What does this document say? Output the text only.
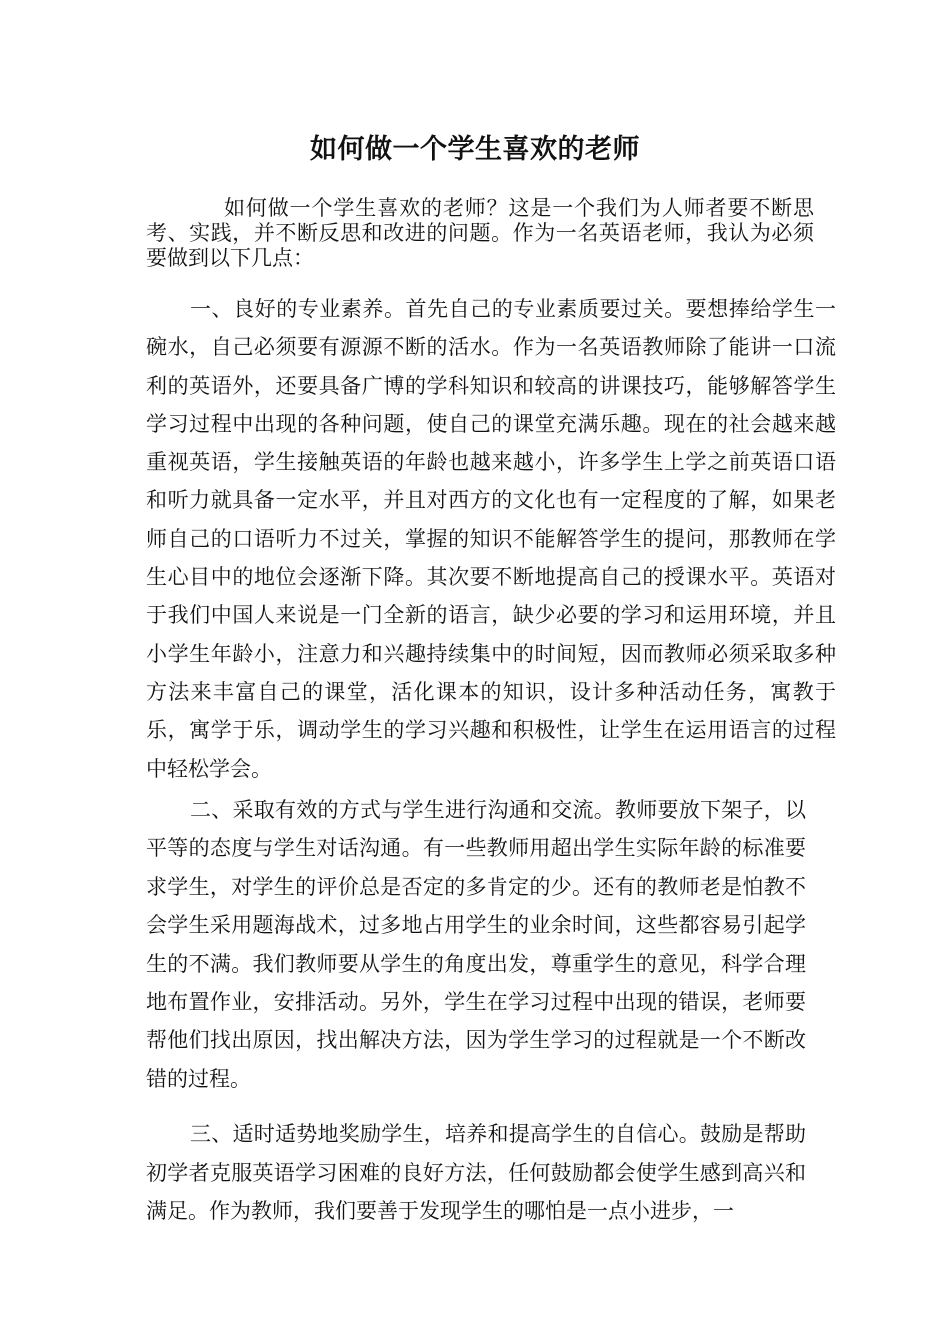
如何做一个学生喜欢的老师

如何做一个学生喜欢的老师？这是一个我们为人师者要不断思考、实践，并不断反思和改进的问题。作为一名英语老师，我认为必须要做到以下几点：

一、良好的专业素养。首先自己的专业素质要过关。要想捧给学生一碗水，自己必须要有源源不断的活水。作为一名英语教师除了能讲一口流利的英语外，还要具备广博的学科知识和较高的讲课技巧，能够解答学生学习过程中出现的各种问题，使自己的课堂充满乐趣。现在的社会越来越重视英语，学生接触英语的年龄也越来越小，许多学生上学之前英语口语和听力就具备一定水平，并且对西方的文化也有一定程度的了解，如果老师自己的口语听力不过关，掌握的知识不能解答学生的提问，那教师在学生心目中的地位会逐渐下降。其次要不断地提高自己的授课水平。英语对于我们中国人来说是一门全新的语言，缺少必要的学习和运用环境，并且小学生年龄小，注意力和兴趣持续集中的时间短，因而教师必须采取多种方法来丰富自己的课堂，活化课本的知识，设计多种活动任务，寓教于乐，寓学于乐，调动学生的学习兴趣和积极性，让学生在运用语言的过程中轻松学会。

二、采取有效的方式与学生进行沟通和交流。教师要放下架子，以平等的态度与学生对话沟通。有一些教师用超出学生实际年龄的标准要求学生，对学生的评价总是否定的多肯定的少。还有的教师老是怕教不会学生采用题海战术，过多地占用学生的业余时间，这些都容易引起学生的不满。我们教师要从学生的角度出发，尊重学生的意见，科学合理地布置作业，安排活动。另外，学生在学习过程中出现的错误，老师要帮他们找出原因，找出解决方法，因为学生学习的过程就是一个不断改错的过程。

三、适时适势地奖励学生，培养和提高学生的自信心。鼓励是帮助初学者克服英语学习困难的良好方法，任何鼓励都会使学生感到高兴和满足。作为教师，我们要善于发现学生的哪怕是一点小进步，一
